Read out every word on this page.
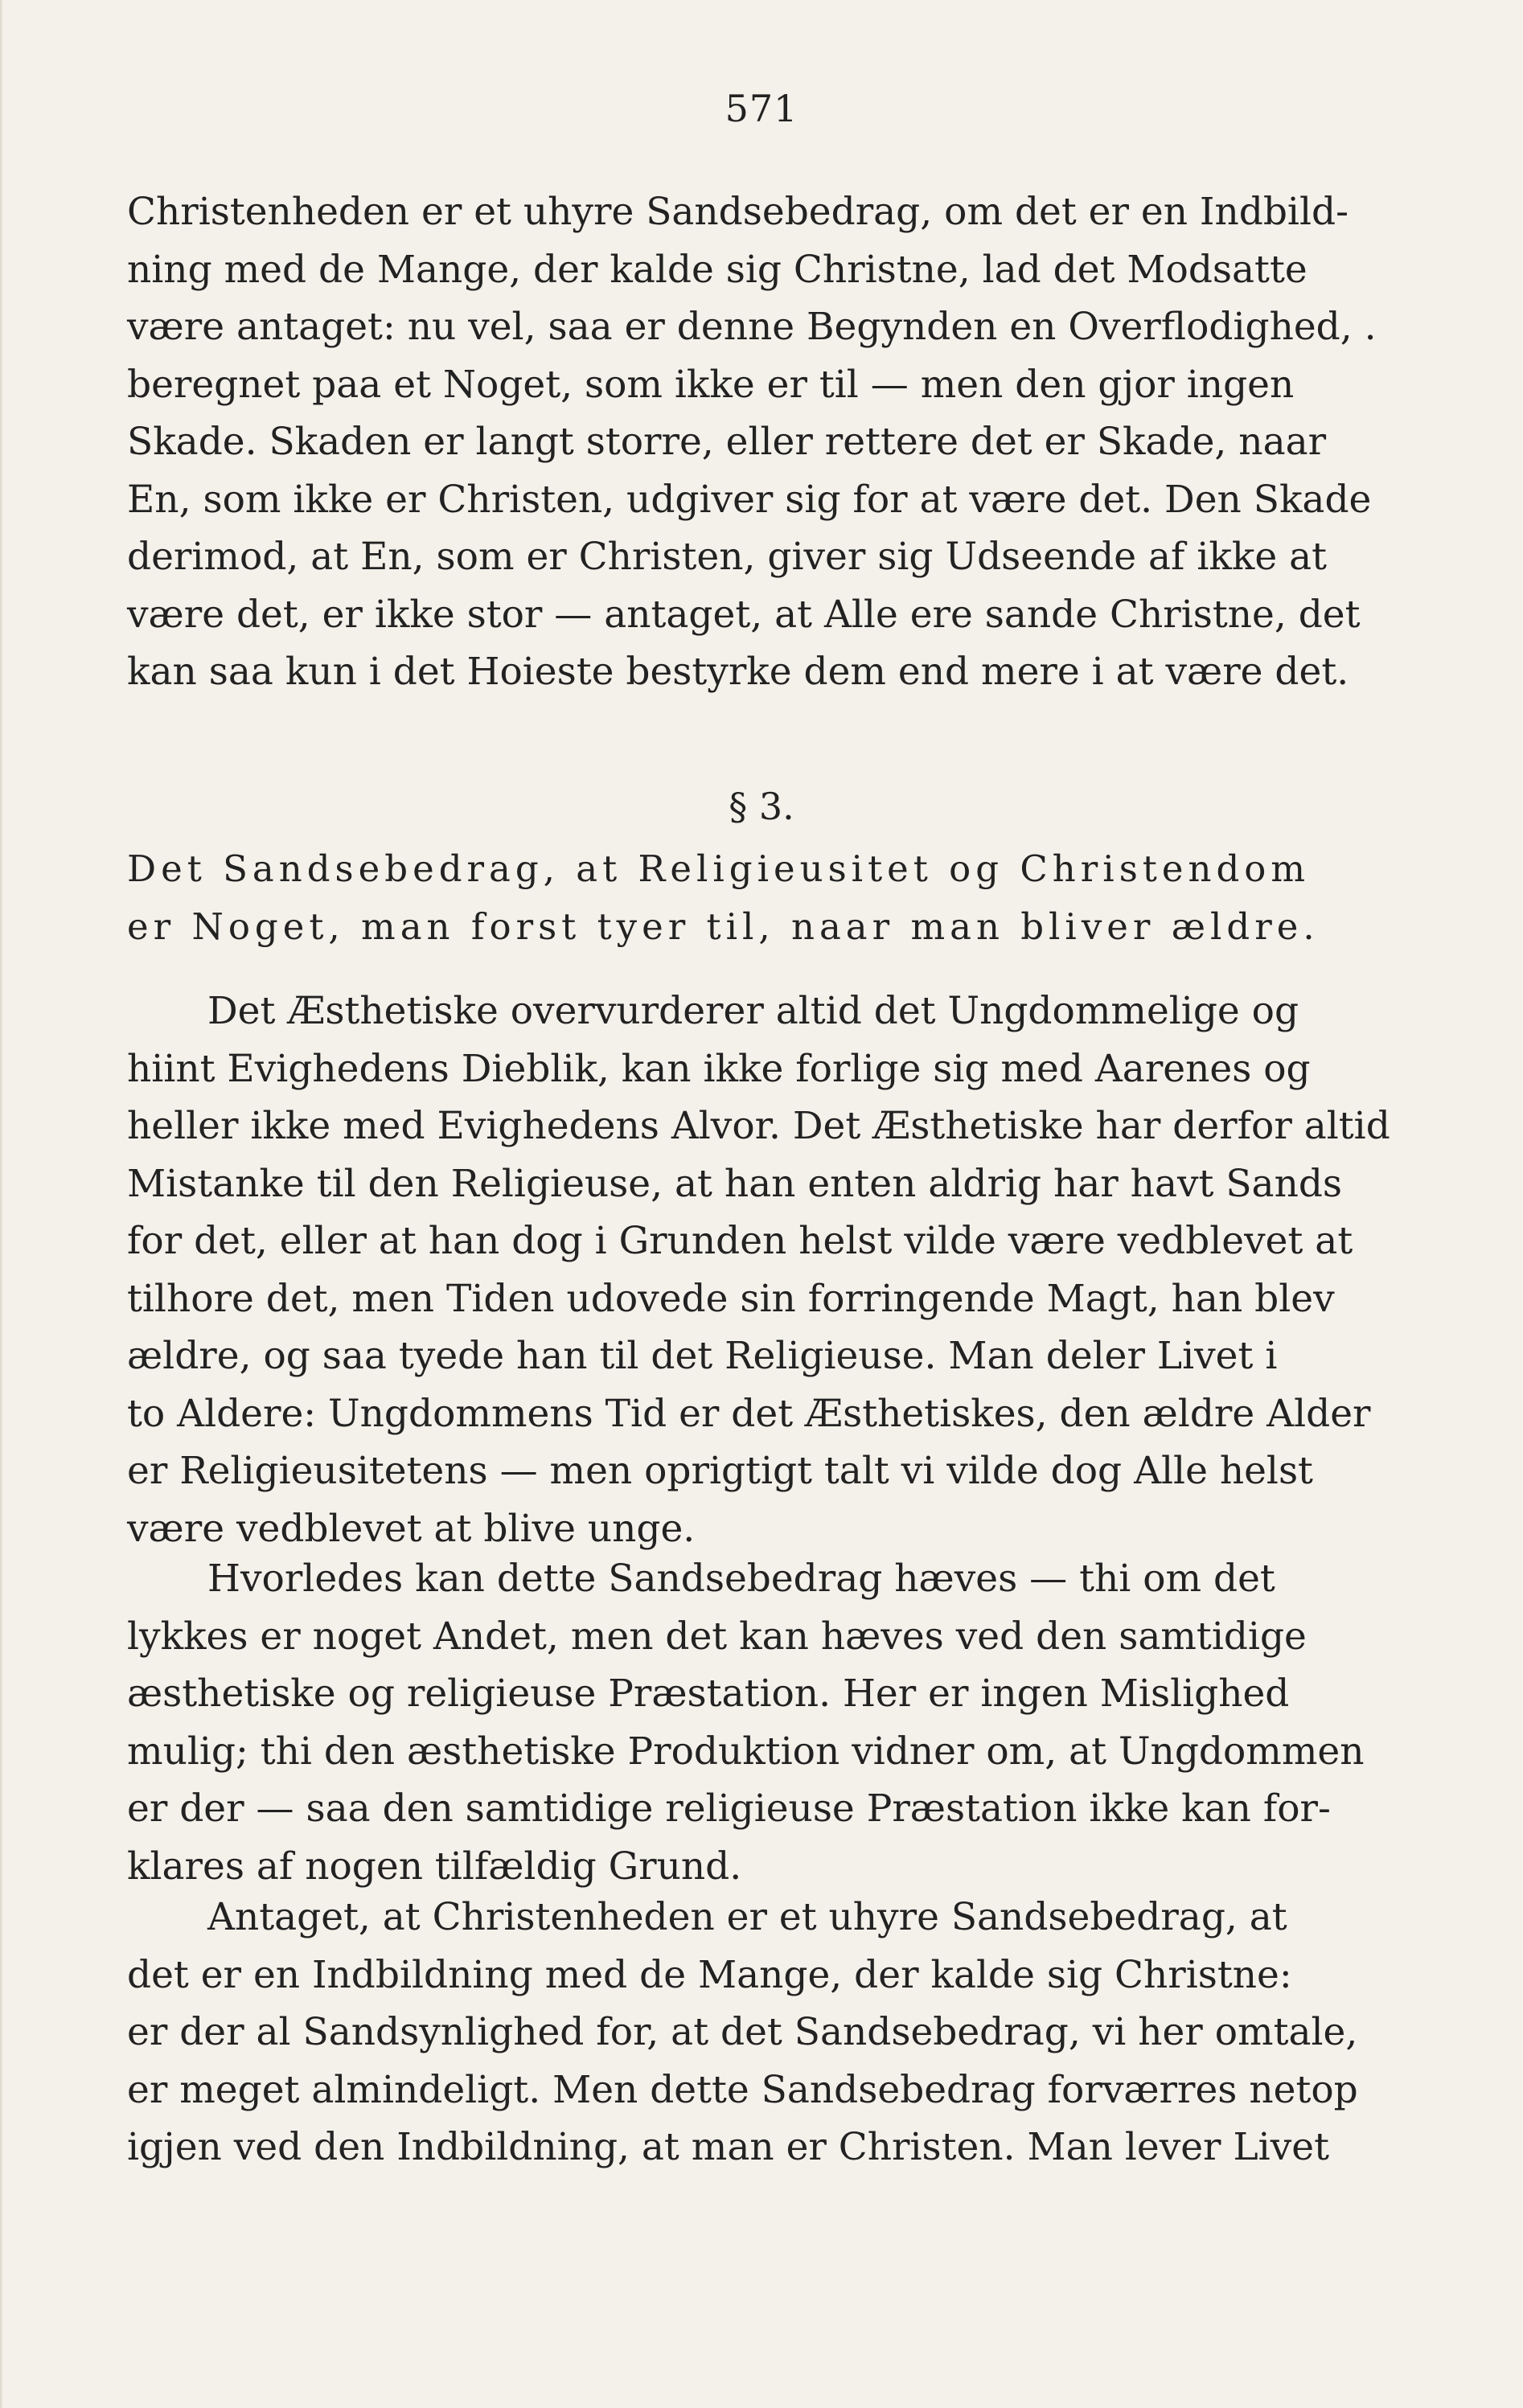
571
Christenheden er et uhyre Sandsebedrag, om det er en Indbild-
ning med de Mange, der kalde sig Christne, lad det Modsatte
være antaget: nu vel, saa er denne Begynden en Overflodighed, .
beregnet paa et Noget, som ikke er til — men den gjor ingen
Skade. Skaden er langt storre, eller rettere det er Skade, naar
En, som ikke er Christen, udgiver sig for at være det. Den Skade
derimod, at En, som er Christen, giver sig Udseende af ikke at
være det, er ikke stor — antaget, at Alle ere sande Christne, det
kan saa kun i det Hoieste bestyrke dem end mere i at være det.
§ 3.
Det Sandsebedrag, at Religieusitet og Christendom
er Noget, man forst tyer til, naar man bliver ældre.
Det Æsthetiske overvurderer altid det Ungdommelige og
hiint Evighedens Dieblik, kan ikke forlige sig med Aarenes og
heller ikke med Evighedens Alvor. Det Æsthetiske har derfor altid
Mistanke til den Religieuse, at han enten aldrig har havt Sands
for det, eller at han dog i Grunden helst vilde være vedblevet at
tilhore det, men Tiden udovede sin forringende Magt, han blev
ældre, og saa tyede han til det Religieuse. Man deler Livet i
to Aldere: Ungdommens Tid er det Æsthetiskes, den ældre Alder
er Religieusitetens — men oprigtigt talt vi vilde dog Alle helst
være vedblevet at blive unge.
Hvorledes kan dette Sandsebedrag hæves — thi om det
lykkes er noget Andet, men det kan hæves ved den samtidige
æsthetiske og religieuse Præstation. Her er ingen Mislighed
mulig; thi den æsthetiske Produktion vidner om, at Ungdommen
er der — saa den samtidige religieuse Præstation ikke kan for-
klares af nogen tilfældig Grund.
Antaget, at Christenheden er et uhyre Sandsebedrag, at
det er en Indbildning med de Mange, der kalde sig Christne:
er der al Sandsynlighed for, at det Sandsebedrag, vi her omtale,
er meget almindeligt. Men dette Sandsebedrag forværres netop
igjen ved den Indbildning, at man er Christen. Man lever Livet
